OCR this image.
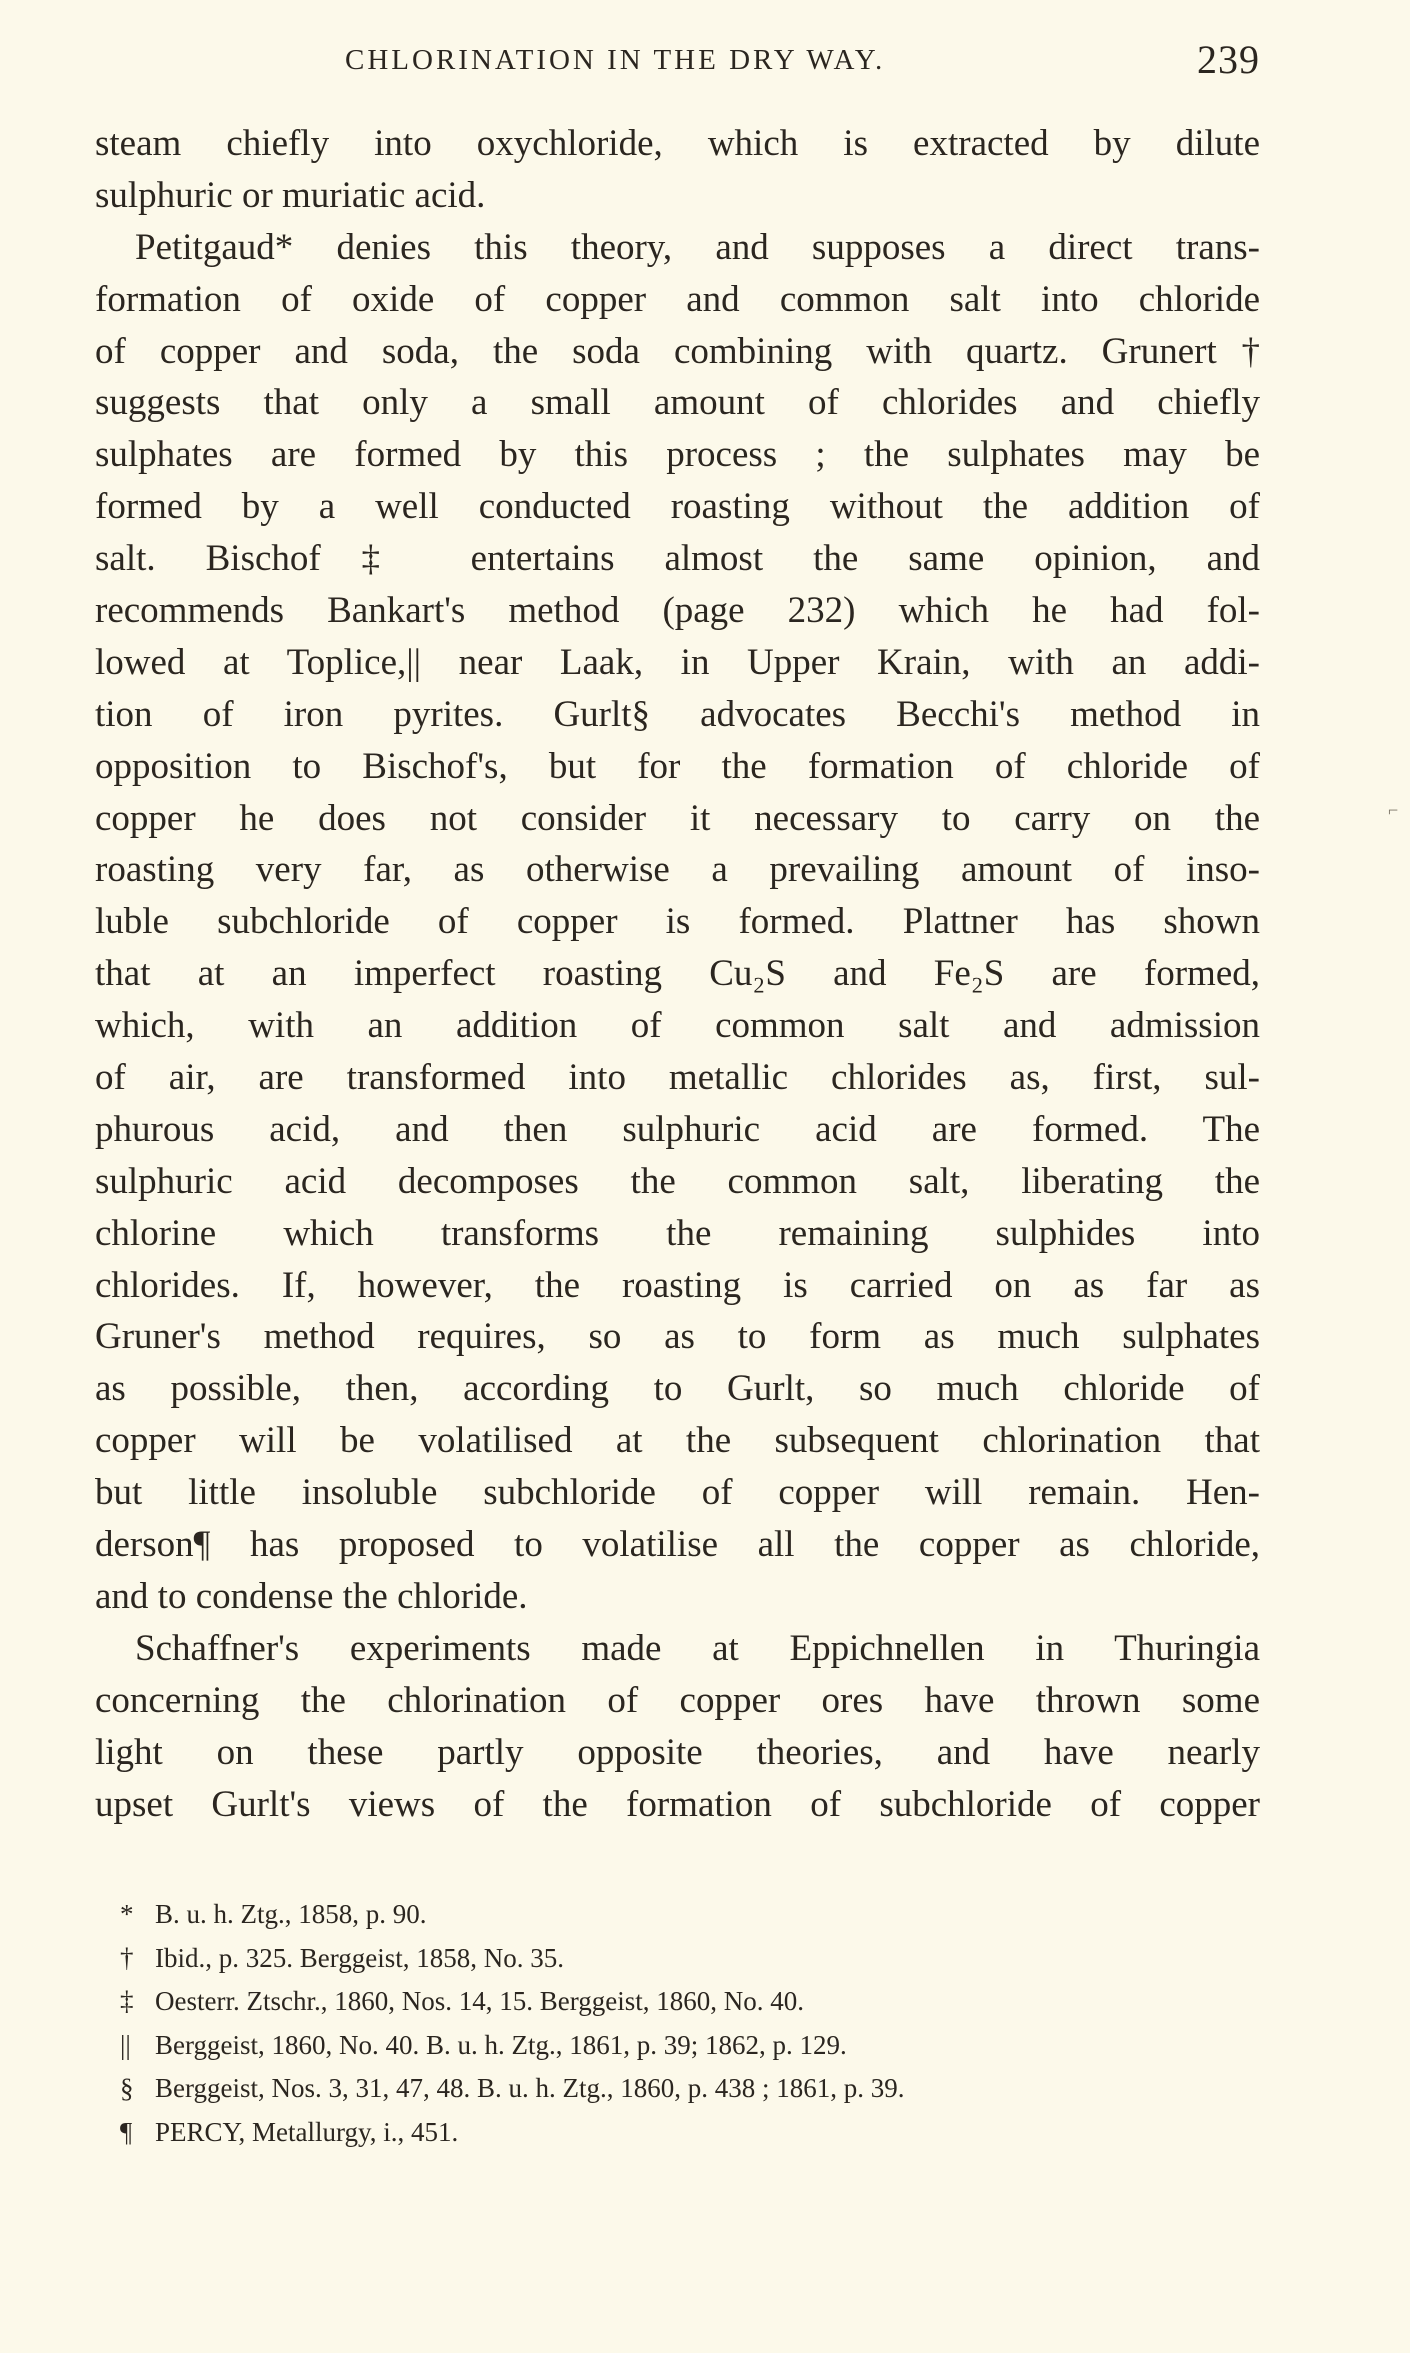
CHLORINATION IN THE DRY WAY.	239
steam chiefly into oxychloride, which is extracted by dilute
sulphuric or muriatic acid.
Petitgaud* denies this theory, and supposes a direct trans-
formation of oxide of copper and common salt into chloride
of copper and soda, the soda combining with quartz. Grunert†
suggests that only a small amount of chlorides and chiefly
sulphates are formed by this process ; the sulphates may be
formed by a well conducted roasting without the addition of
salt. Bischof‡ entertains almost the same opinion, and
recommends Bankart's method (page 232) which he had fol-
lowed at Toplice,|| near Laak, in Upper Krain, with an addi-
tion of iron pyrites. Gurlt§ advocates Becchi's method in
opposition to Bischof's, but for the formation of chloride of
copper he does not consider it necessary to carry on the
roasting very far, as otherwise a prevailing amount of inso-
luble subchloride of copper is formed. Plattner has shown
that at an imperfect roasting Cu₂S and Fe₂S are formed,
which, with an addition of common salt and admission
of air, are transformed into metallic chlorides as, first, sul-
phurous acid, and then sulphuric acid are formed. The
sulphuric acid decomposes the common salt, liberating the
chlorine which transforms the remaining sulphides into
chlorides. If, however, the roasting is carried on as far as
Gruner's method requires, so as to form as much sulphates
as possible, then, according to Gurlt, so much chloride of
copper will be volatilised at the subsequent chlorination that
but little insoluble subchloride of copper will remain. Hen-
derson¶ has proposed to volatilise all the copper as chloride,
and to condense the chloride.
Schaffner's experiments made at Eppichnellen in Thuringia
concerning the chlorination of copper ores have thrown some
light on these partly opposite theories, and have nearly
upset Gurlt's views of the formation of subchloride of copper
* B. u. h. Ztg., 1858, p. 90.
† Ibid., p. 325. Berggeist, 1858, No. 35.
‡ Oesterr. Ztschr., 1860, Nos. 14, 15. Berggeist, 1860, No. 40.
|| Berggeist, 1860, No. 40. B. u. h. Ztg., 1861, p. 39; 1862, p. 129.
§ Berggeist, Nos. 3, 31, 47, 48. B. u. h. Ztg., 1860, p. 438 ; 1861, p. 39.
¶ PERCY, Metallurgy, i., 451.
⌐
